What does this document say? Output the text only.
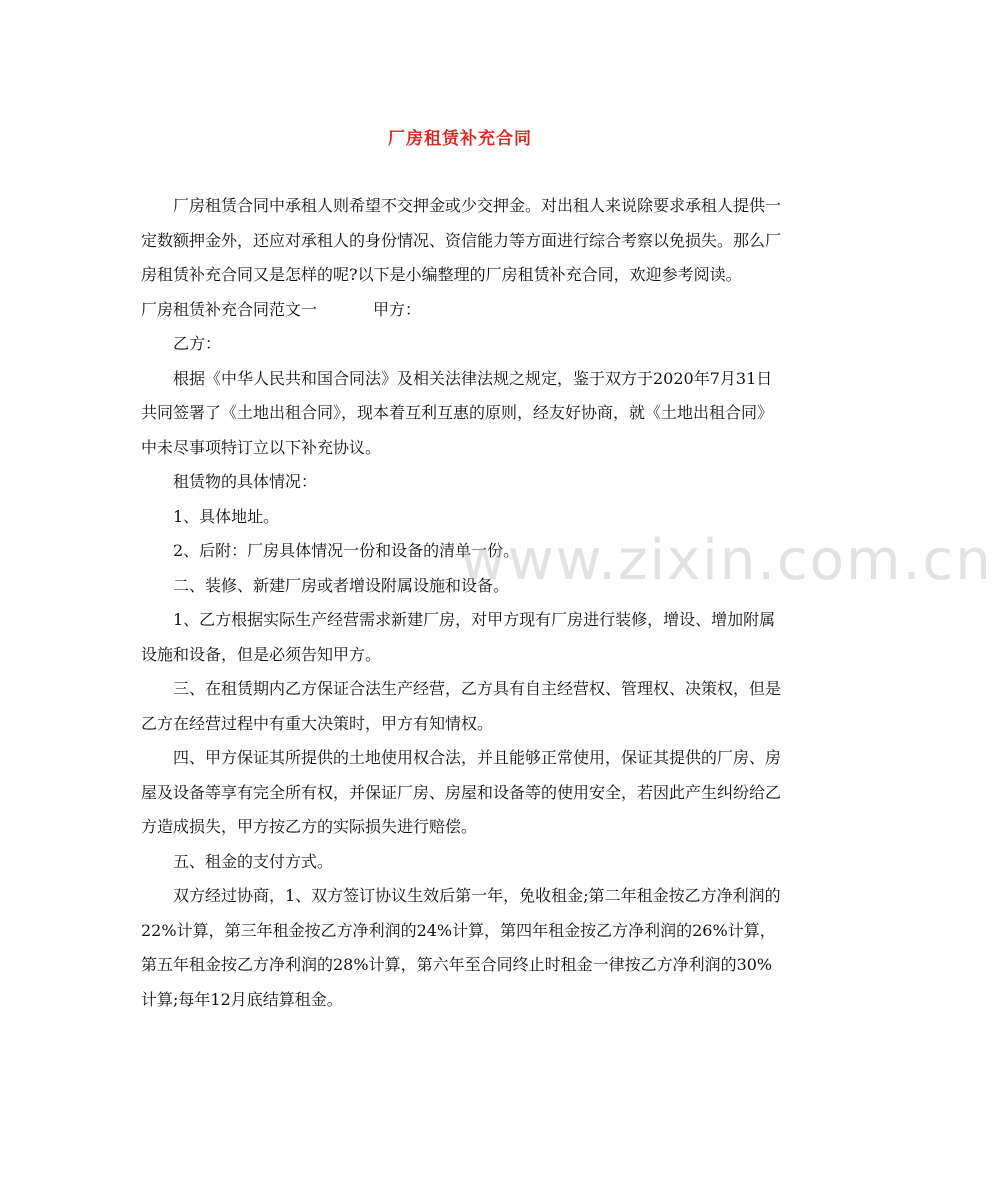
厂房租赁补充合同

厂房租赁合同中承租人则希望不交押金或少交押金。对出租人来说除要求承租人提供一定数额押金外，还应对承租人的身份情况、资信能力等方面进行综合考察以免损失。那么厂房租赁补充合同又是怎样的呢?以下是小编整理的厂房租赁补充合同，欢迎参考阅读。

厂房租赁补充合同范文一	甲方：

乙方：

根据《中华人民共和国合同法》及相关法律法规之规定，鉴于双方于2020年7月31日共同签署了《土地出租合同》，现本着互利互惠的原则，经友好协商，就《土地出租合同》中未尽事项特订立以下补充协议。

租赁物的具体情况：

1、具体地址。

2、后附：厂房具体情况一份和设备的清单一份。

二、装修、新建厂房或者增设附属设施和设备。

1、乙方根据实际生产经营需求新建厂房，对甲方现有厂房进行装修，增设、增加附属设施和设备，但是必须告知甲方。

三、在租赁期内乙方保证合法生产经营，乙方具有自主经营权、管理权、决策权，但是乙方在经营过程中有重大决策时，甲方有知情权。

四、甲方保证其所提供的土地使用权合法，并且能够正常使用，保证其提供的厂房、房屋及设备等享有完全所有权，并保证厂房、房屋和设备等的使用安全，若因此产生纠纷给乙方造成损失，甲方按乙方的实际损失进行赔偿。

五、租金的支付方式。

双方经过协商，1、双方签订协议生效后第一年，免收租金;第二年租金按乙方净利润的22%计算，第三年租金按乙方净利润的24%计算，第四年租金按乙方净利润的26%计算，第五年租金按乙方净利润的28%计算，第六年至合同终止时租金一律按乙方净利润的30%计算;每年12月底结算租金。

www.zixin.com.cn
